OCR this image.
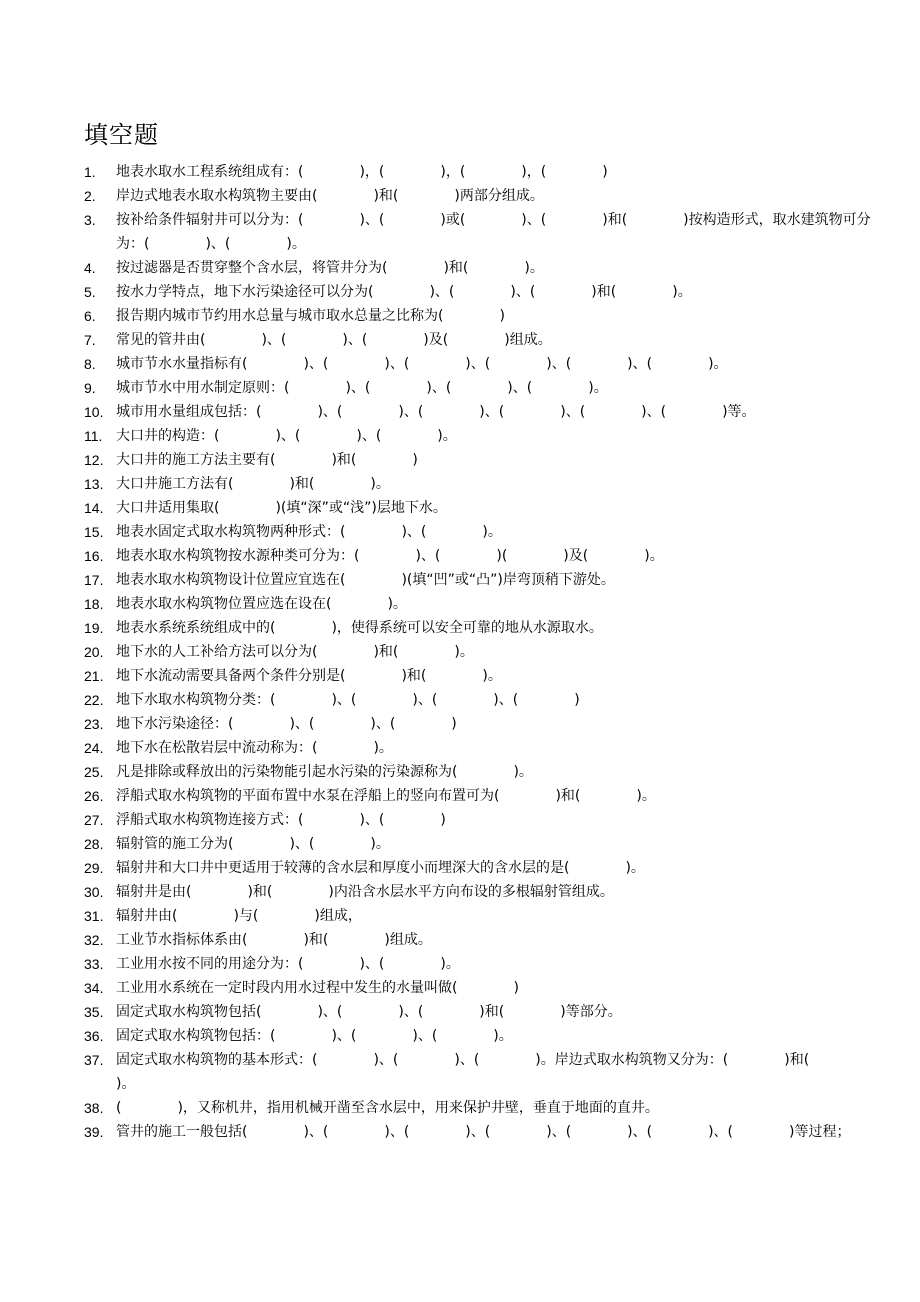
填空题
1.	地表水取水工程系统组成有：(　　　　)，(　　　　)，(　　　　)，(　　　　)
2.	岸边式地表水取水构筑物主要由(　　　　)和(　　　　)两部分组成。
3.	按补给条件辐射井可以分为：(　　　　)、(　　　　)或(　　　　)、(　　　　)和(　　　　)按构造形式，取水建筑物可分为：(　　　　)、(　　　　)。
4.	按过滤器是否贯穿整个含水层，将管井分为(　　　　)和(　　　　)。
5.	按水力学特点，地下水污染途径可以分为(　　　　)、(　　　　)、(　　　　)和(　　　　)。
6.	报告期内城市节约用水总量与城市取水总量之比称为(　　　　)
7.	常见的管井由(　　　　)、(　　　　)、(　　　　)及(　　　　)组成。
8.	城市节水水量指标有(　　　　)、(　　　　)、(　　　　)、(　　　　)、(　　　　)、(　　　　)。
9.	城市节水中用水制定原则：(　　　　)、(　　　　)、(　　　　)、(　　　　)。
10. 城市用水量组成包括：(　　　　)、(　　　　)、(　　　　)、(　　　　)、(　　　　)、(　　　　)等。
11. 大口井的构造：(　　　　)、(　　　　)、(　　　　)。
12. 大口井的施工方法主要有(　　　　)和(　　　　)
13. 大口井施工方法有(　　　　)和(　　　　)。
14. 大口井适用集取(　　　　)(填“深”或“浅”)层地下水。
15. 地表水固定式取水构筑物两种形式：(　　　　)、(　　　　)。
16. 地表水取水构筑物按水源种类可分为：(　　　　)、(　　　　)(　　　　)及(　　　　)。
17. 地表水取水构筑物设计位置应宜选在(　　　　)(填“凹”或“凸”)岸弯顶稍下游处。
18. 地表水取水构筑物位置应选在设在(　　　　)。
19. 地表水系统系统组成中的(　　　　)，使得系统可以安全可靠的地从水源取水。
20. 地下水的人工补给方法可以分为(　　　　)和(　　　　)。
21. 地下水流动需要具备两个条件分别是(　　　　)和(　　　　)。
22. 地下水取水构筑物分类：(　　　　)、(　　　　)、(　　　　)、(　　　　)
23. 地下水污染途径：(　　　　)、(　　　　)、(　　　　)
24. 地下水在松散岩层中流动称为：(　　　　)。
25. 凡是排除或释放出的污染物能引起水污染的污染源称为(　　　　)。
26. 浮船式取水构筑物的平面布置中水泵在浮船上的竖向布置可为(　　　　)和(　　　　)。
27. 浮船式取水构筑物连接方式：(　　　　)、(　　　　)
28. 辐射管的施工分为(　　　　)、(　　　　)。
29. 辐射井和大口井中更适用于较薄的含水层和厚度小而埋深大的含水层的是(　　　　)。
30. 辐射井是由(　　　　)和(　　　　)内沿含水层水平方向布设的多根辐射管组成。
31. 辐射井由(　　　　)与(　　　　)组成，
32. 工业节水指标体系由(　　　　)和(　　　　)组成。
33. 工业用水按不同的用途分为：(　　　　)、(　　　　)。
34. 工业用水系统在一定时段内用水过程中发生的水量叫做(　　　　)
35. 固定式取水构筑物包括(　　　　)、(　　　　)、(　　　　)和(　　　　)等部分。
36. 固定式取水构筑物包括：(　　　　)、(　　　　)、(　　　　)。
37. 固定式取水构筑物的基本形式：(　　　　)、(　　　　)、(　　　　)。岸边式取水构筑物又分为：(　　　　)和(　　　　)。
38. (　　　　)，又称机井，指用机械开凿至含水层中，用来保护井壁，垂直于地面的直井。
39. 管井的施工一般包括(　　　　)、(　　　　)、(　　　　)、(　　　　)、(　　　　)、(　　　　)、(　　　　)等过程；
